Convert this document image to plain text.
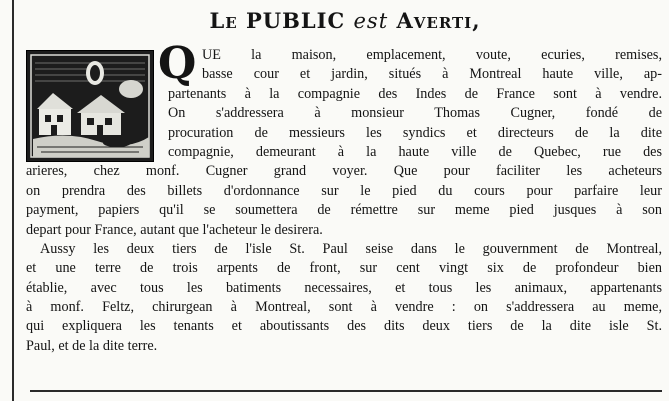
Le PUBLIC est Averti,
Q UE la maison, emplacement, voute, ecuries, remises,
basse cour et jardin, situés à Montreal haute ville, ap-
partenants à la compagnie des Indes de France sont à vendre.
On s'addressera à monsieur Thomas Cugner, fondé de
procuration de messieurs les syndics et directeurs de la dite
compagnie, demeurant à la haute ville de Quebec, rue des
arieres, chez monf. Cugner grand voyer. Que pour faciliter les acheteurs
on prendra des billets d'ordonnance sur le pied du cours pour parfaire leur
payment, papiers qu'il se soumettera de rémettre sur meme pied jusques à son
depart pour France, autant que l'acheteur le desirera.
Aussy les deux tiers de l'isle St. Paul seise dans le gouvernment de Montreal,
et une terre de trois arpents de front, sur cent vingt six de profondeur bien
établie, avec tous les batiments necessaires, et tous les animaux, appartenants
à monf. Feltz, chirurgean à Montreal, sont à vendre : on s'addressera au meme,
qui expliquera les tenants et aboutissants des dits deux tiers de la dite isle St.
Paul, et de la dite terre.
